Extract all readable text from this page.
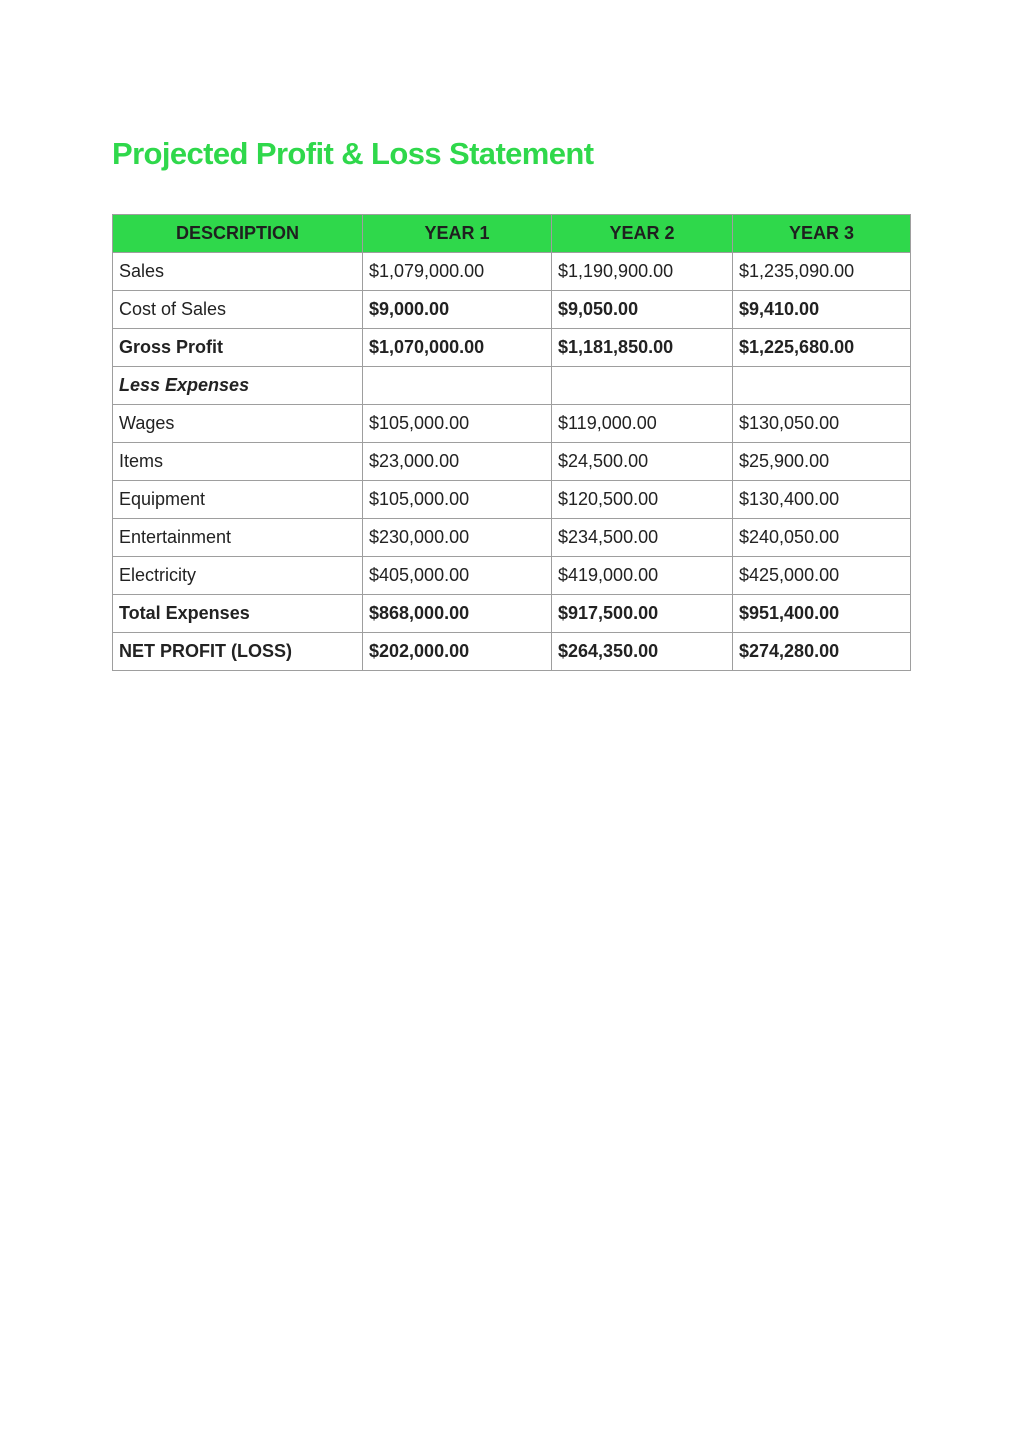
Projected Profit & Loss Statement
DESCRIPTION	YEAR 1	YEAR 2	YEAR 3
Sales	$1,079,000.00	$1,190,900.00	$1,235,090.00
Cost of Sales	$9,000.00	$9,050.00	$9,410.00
Gross Profit	$1,070,000.00	$1,181,850.00	$1,225,680.00
Less Expenses			
Wages	$105,000.00	$119,000.00	$130,050.00
Items	$23,000.00	$24,500.00	$25,900.00
Equipment	$105,000.00	$120,500.00	$130,400.00
Entertainment	$230,000.00	$234,500.00	$240,050.00
Electricity	$405,000.00	$419,000.00	$425,000.00
Total Expenses	$868,000.00	$917,500.00	$951,400.00
NET PROFIT (LOSS)	$202,000.00	$264,350.00	$274,280.00
